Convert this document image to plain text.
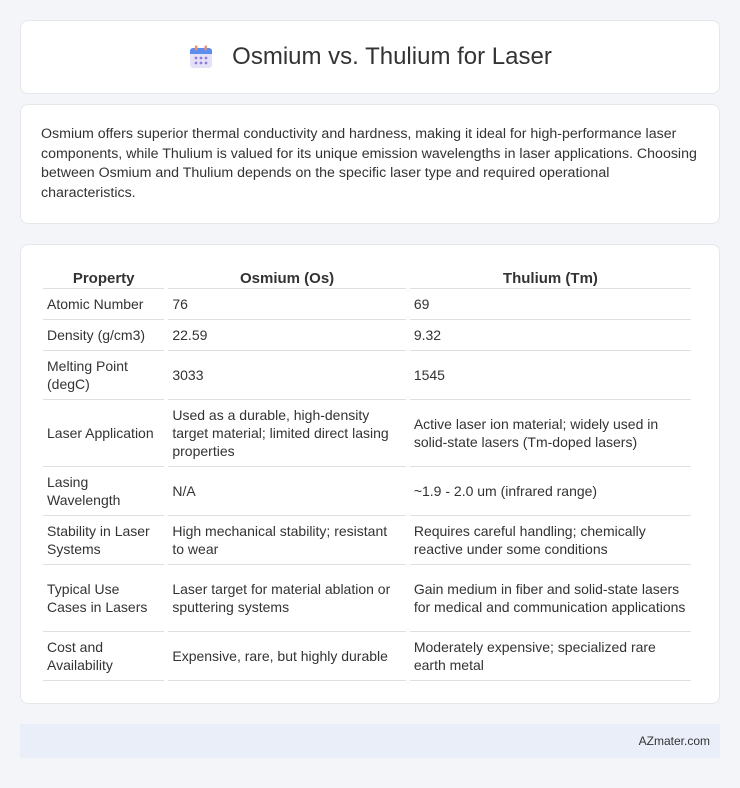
Osmium vs. Thulium for Laser

Osmium offers superior thermal conductivity and hardness, making it ideal for high-performance laser components, while Thulium is valued for its unique emission wavelengths in laser applications. Choosing between Osmium and Thulium depends on the specific laser type and required operational characteristics.

Property	Osmium (Os)	Thulium (Tm)
Atomic Number	76	69
Density (g/cm3)	22.59	9.32
Melting Point (degC)	3033	1545
Laser Application	Used as a durable, high-density target material; limited direct lasing properties	Active laser ion material; widely used in solid-state lasers (Tm-doped lasers)
Lasing Wavelength	N/A	~1.9 - 2.0 um (infrared range)
Stability in Laser Systems	High mechanical stability; resistant to wear	Requires careful handling; chemically reactive under some conditions
Typical Use Cases in Lasers	Laser target for material ablation or sputtering systems	Gain medium in fiber and solid-state lasers for medical and communication applications
Cost and Availability	Expensive, rare, but highly durable	Moderately expensive; specialized rare earth metal
AZmater.com
